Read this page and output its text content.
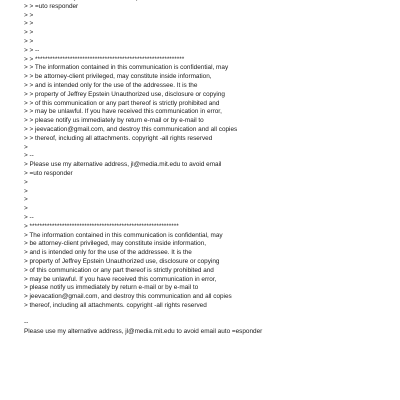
> > =uto responder
> >
> >
> >
> >
> > --
> > ************************************************************
> > The information contained in this communication is confidential, may
> > be attorney-client privileged, may constitute inside information,
> > and is intended only for the use of the addressee. It is the
> > property of Jeffrey Epstein Unauthorized use, disclosure or copying
> > of this communication or any part thereof is strictly prohibited and
> > may be unlawful. If you have received this communication in error,
> > please notify us immediately by return e-mail or by e-mail to
> > jeevacation@gmail.com, and destroy this communication and all copies
> > thereof, including all attachments. copyright -all rights reserved
>
> --
> Please use my alternative address, jl@media.mit.edu to avoid email
> =uto responder
>
>
>
>
> --
> ************************************************************
> The information contained in this communication is confidential, may
> be attorney-client privileged, may constitute inside information,
> and is intended only for the use of the addressee. It is the
> property of Jeffrey Epstein Unauthorized use, disclosure or copying
> of this communication or any part thereof is strictly prohibited and
> may be unlawful. If you have received this communication in error,
> please notify us immediately by return e-mail or by e-mail to
> jeevacation@gmail.com, and destroy this communication and all copies
> thereof, including all attachments. copyright -all rights reserved
--
Please use my alternative address, jl@media.mit.edu to avoid email auto =esponder
